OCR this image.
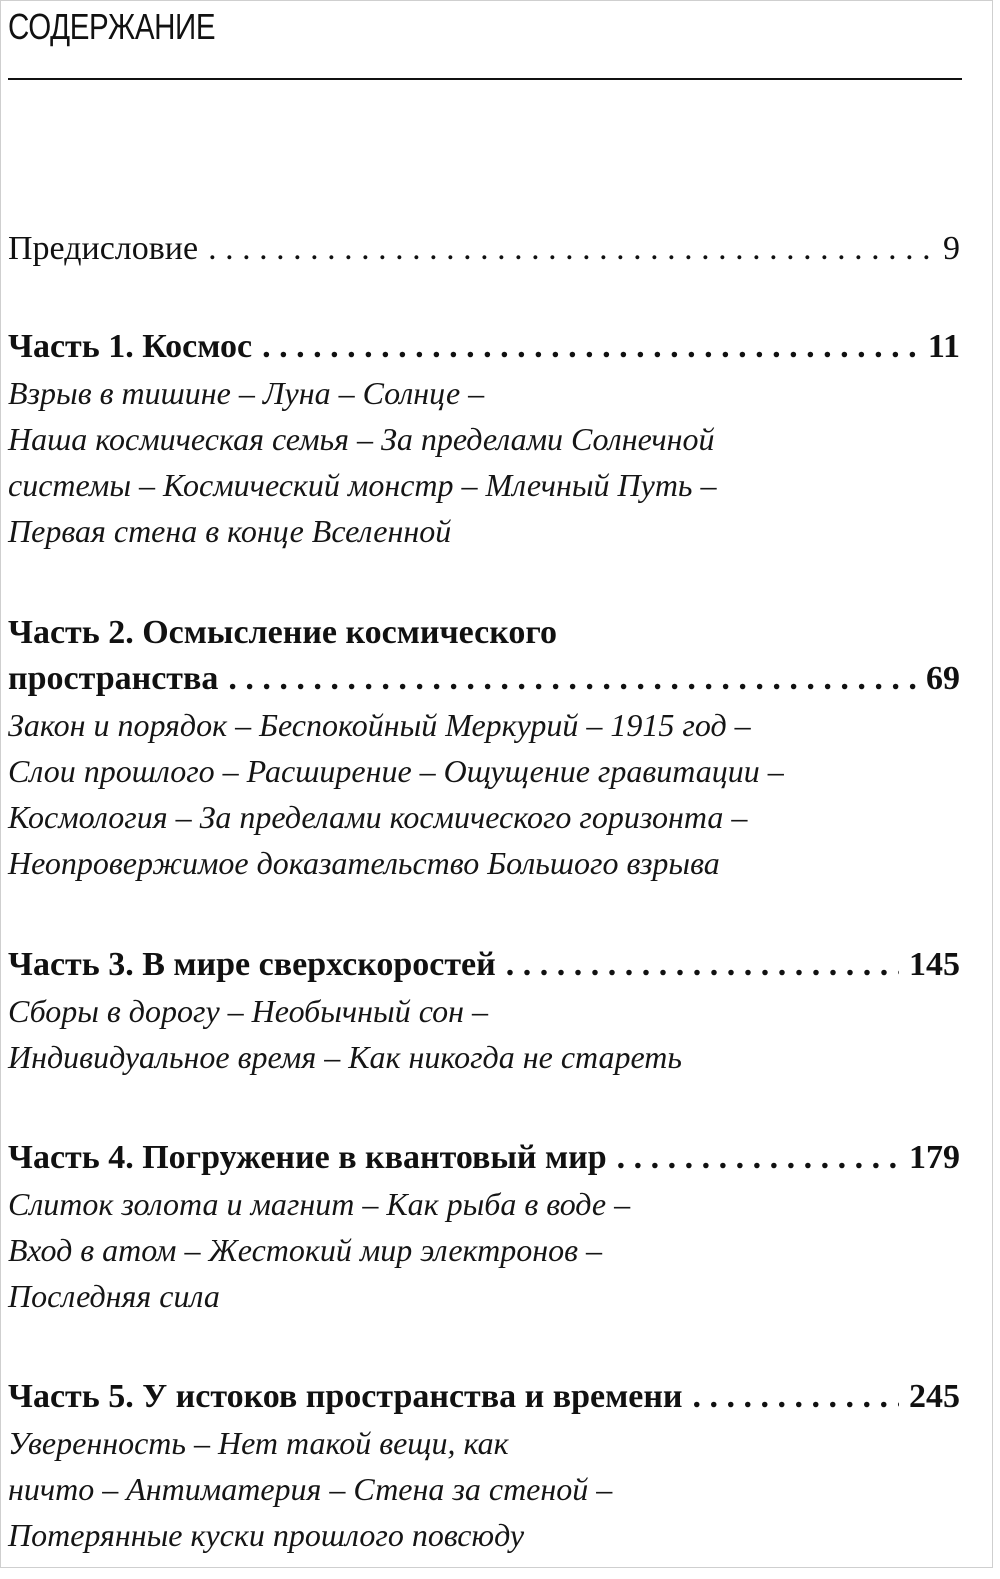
СОДЕРЖАНИЕ
Предисловие . . .	9
Часть 1. Космос . . .	11
Взрыв в тишине – Луна – Солнце –
Наша космическая семья – За пределами Солнечной
системы – Космический монстр – Млечный Путь –
Первая стена в конце Вселенной
Часть 2. Осмысление космического
пространства . . .	69
Закон и порядок – Беспокойный Меркурий – 1915 год –
Слои прошлого – Расширение – Ощущение гравитации –
Космология – За пределами космического горизонта –
Неопровержимое доказательство Большого взрыва
Часть 3. В мире сверхскоростей . . .	145
Сборы в дорогу – Необычный сон –
Индивидуальное время – Как никогда не стареть
Часть 4. Погружение в квантовый мир . . .	179
Слиток золота и магнит – Как рыба в воде –
Вход в атом – Жестокий мир электронов –
Последняя сила
Часть 5. У истоков пространства и времени . . .	245
Уверенность – Нет такой вещи, как
ничто – Антиматерия – Стена за стеной –
Потерянные куски прошлого повсюду
